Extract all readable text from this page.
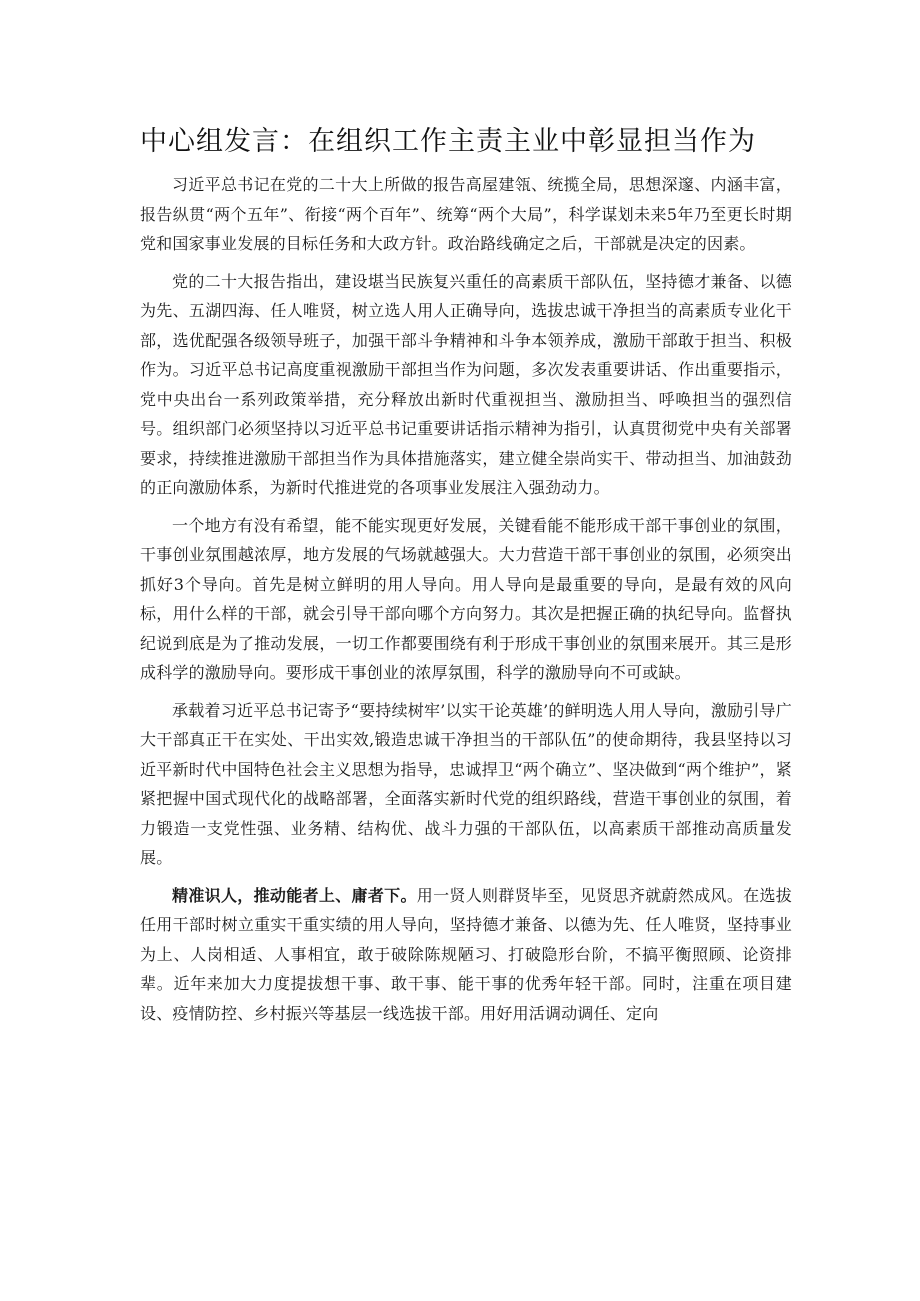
中心组发言：在组织工作主责主业中彰显担当作为

习近平总书记在党的二十大上所做的报告高屋建瓴、统揽全局，思想深邃、内涵丰富，报告纵贯“两个五年”、衔接“两个百年”、统筹“两个大局”，科学谋划未来5年乃至更长时期党和国家事业发展的目标任务和大政方针。政治路线确定之后，干部就是决定的因素。

党的二十大报告指出，建设堪当民族复兴重任的高素质干部队伍，坚持德才兼备、以德为先、五湖四海、任人唯贤，树立选人用人正确导向，选拔忠诚干净担当的高素质专业化干部，选优配强各级领导班子，加强干部斗争精神和斗争本领养成，激励干部敢于担当、积极作为。习近平总书记高度重视激励干部担当作为问题，多次发表重要讲话、作出重要指示，党中央出台一系列政策举措，充分释放出新时代重视担当、激励担当、呼唤担当的强烈信号。组织部门必须坚持以习近平总书记重要讲话指示精神为指引，认真贯彻党中央有关部署要求，持续推进激励干部担当作为具体措施落实，建立健全崇尚实干、带动担当、加油鼓劲的正向激励体系，为新时代推进党的各项事业发展注入强劲动力。

一个地方有没有希望，能不能实现更好发展，关键看能不能形成干部干事创业的氛围，干事创业氛围越浓厚，地方发展的气场就越强大。大力营造干部干事创业的氛围，必须突出抓好3个导向。首先是树立鲜明的用人导向。用人导向是最重要的导向，是最有效的风向标，用什么样的干部，就会引导干部向哪个方向努力。其次是把握正确的执纪导向。监督执纪说到底是为了推动发展，一切工作都要围绕有利于形成干事创业的氛围来展开。其三是形成科学的激励导向。要形成干事创业的浓厚氛围，科学的激励导向不可或缺。

承载着习近平总书记寄予“要持续树牢’以实干论英雄’的鲜明选人用人导向，激励引导广大干部真正干在实处、干出实效,锻造忠诚干净担当的干部队伍”的使命期待，我县坚持以习近平新时代中国特色社会主义思想为指导，忠诚捍卫“两个确立”、坚决做到“两个维护”，紧紧把握中国式现代化的战略部署，全面落实新时代党的组织路线，营造干事创业的氛围，着力锻造一支党性强、业务精、结构优、战斗力强的干部队伍，以高素质干部推动高质量发展。

精准识人，推动能者上、庸者下。用一贤人则群贤毕至，见贤思齐就蔚然成风。在选拔任用干部时树立重实干重实绩的用人导向，坚持德才兼备、以德为先、任人唯贤，坚持事业为上、人岗相适、人事相宜，敢于破除陈规陋习、打破隐形台阶，不搞平衡照顾、论资排辈。近年来加大力度提拔想干事、敢干事、能干事的优秀年轻干部。同时，注重在项目建设、疫情防控、乡村振兴等基层一线选拔干部。用好用活调动调任、定向
